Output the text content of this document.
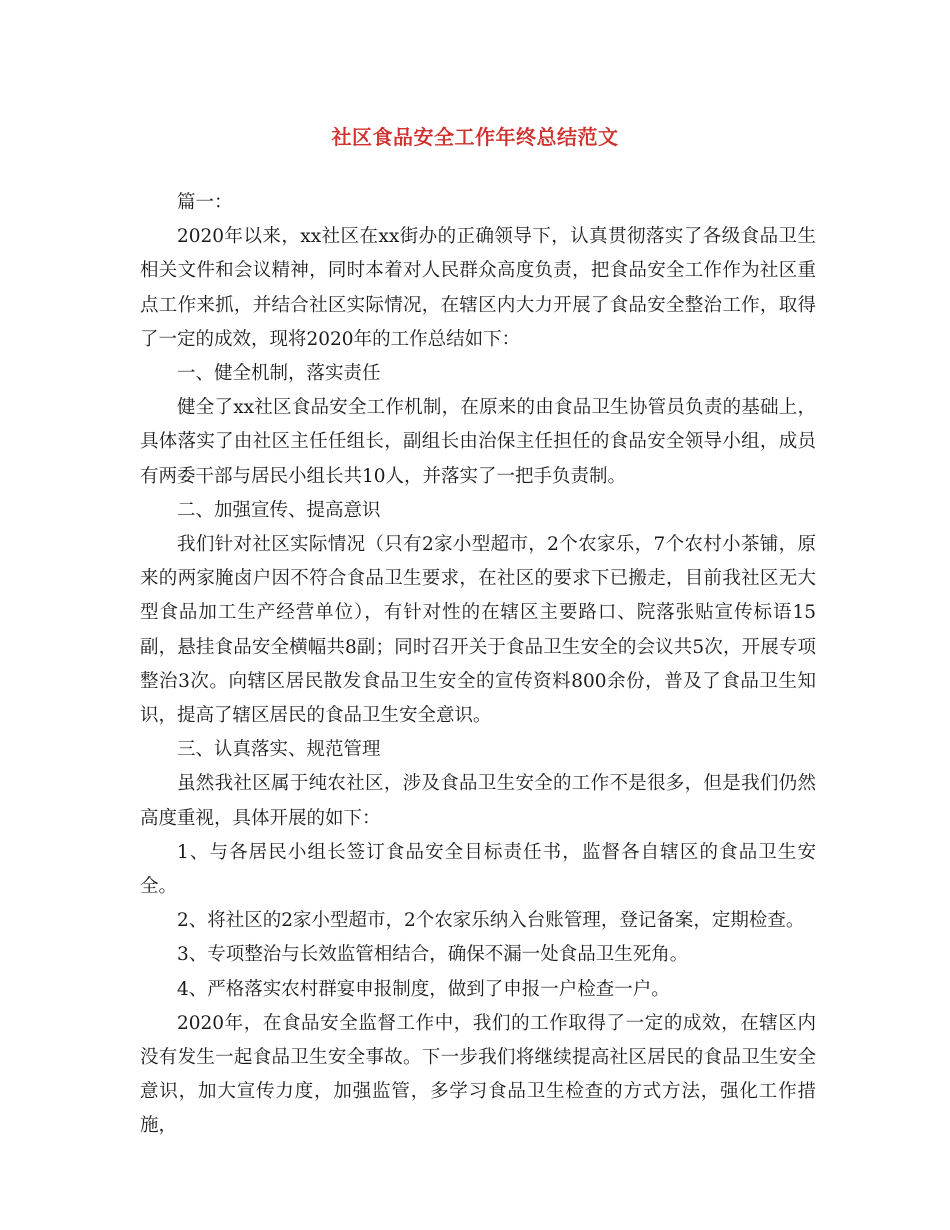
社区食品安全工作年终总结范文

篇一：

2020年以来，xx社区在xx街办的正确领导下，认真贯彻落实了各级食品卫生相关文件和会议精神，同时本着对人民群众高度负责，把食品安全工作作为社区重点工作来抓，并结合社区实际情况，在辖区内大力开展了食品安全整治工作，取得了一定的成效，现将2020年的工作总结如下：

一、健全机制，落实责任

健全了xx社区食品安全工作机制，在原来的由食品卫生协管员负责的基础上，具体落实了由社区主任任组长，副组长由治保主任担任的食品安全领导小组，成员有两委干部与居民小组长共10人，并落实了一把手负责制。

二、加强宣传、提高意识

我们针对社区实际情况（只有2家小型超市，2个农家乐，7个农村小茶铺，原来的两家腌卤户因不符合食品卫生要求，在社区的要求下已搬走，目前我社区无大型食品加工生产经营单位），有针对性的在辖区主要路口、院落张贴宣传标语15副，悬挂食品安全横幅共8副；同时召开关于食品卫生安全的会议共5次，开展专项整治3次。向辖区居民散发食品卫生安全的宣传资料800余份，普及了食品卫生知识，提高了辖区居民的食品卫生安全意识。

三、认真落实、规范管理

虽然我社区属于纯农社区，涉及食品卫生安全的工作不是很多，但是我们仍然高度重视，具体开展的如下：

1、与各居民小组长签订食品安全目标责任书，监督各自辖区的食品卫生安全。

2、将社区的2家小型超市，2个农家乐纳入台账管理，登记备案，定期检查。

3、专项整治与长效监管相结合，确保不漏一处食品卫生死角。

4、严格落实农村群宴申报制度，做到了申报一户检查一户。

2020年，在食品安全监督工作中，我们的工作取得了一定的成效，在辖区内没有发生一起食品卫生安全事故。下一步我们将继续提高社区居民的食品卫生安全意识，加大宣传力度，加强监管，多学习食品卫生检查的方式方法，强化工作措施，
